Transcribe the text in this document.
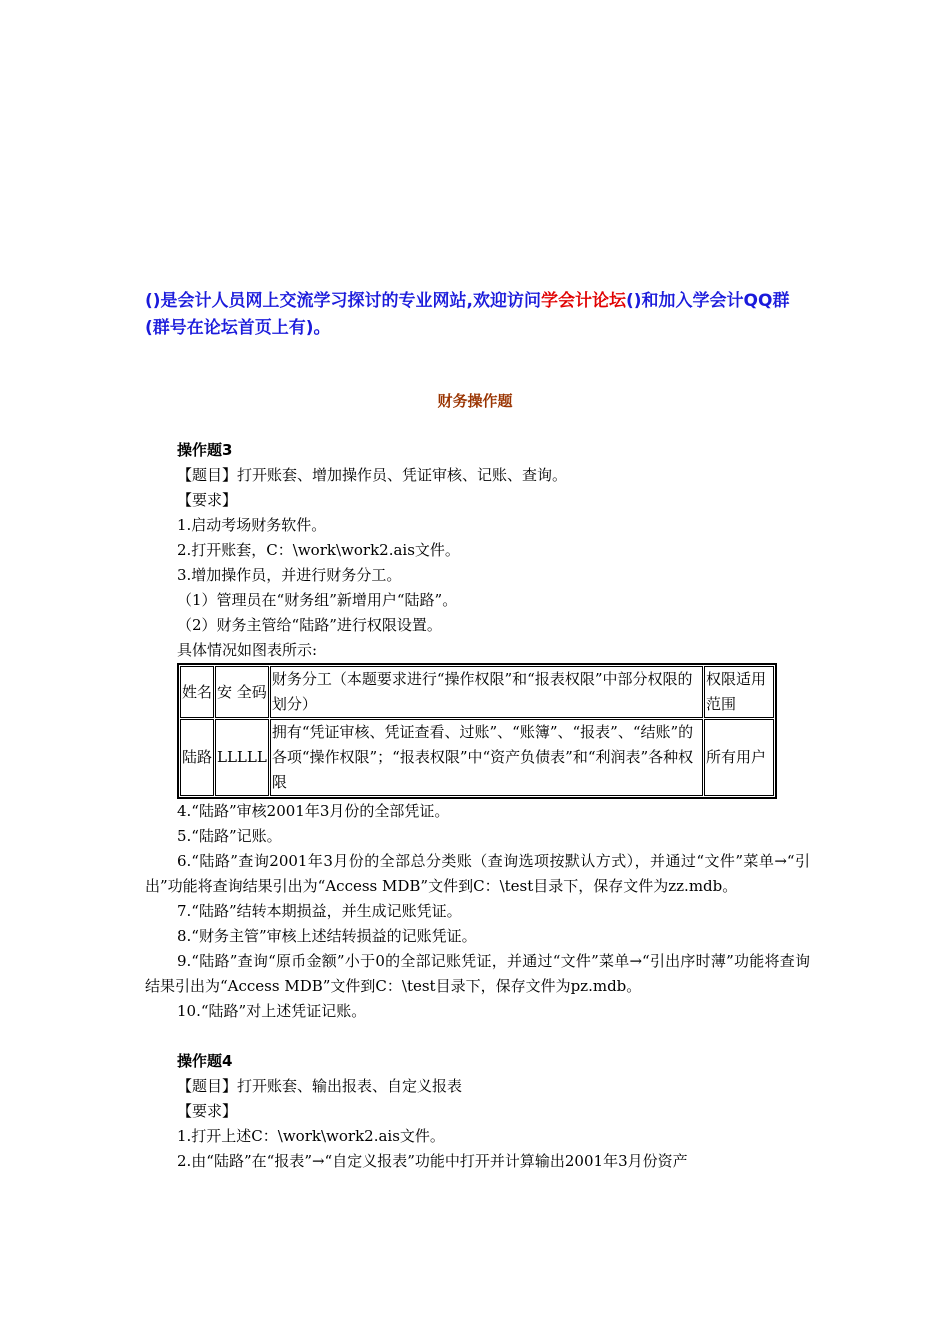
()是会计人员网上交流学习探讨的专业网站,欢迎访问学会计论坛()和加入学会计QQ群(群号在论坛首页上有)。
财务操作题
操作题3
【题目】打开账套、增加操作员、凭证审核、记账、查询。
【要求】
1.启动考场财务软件。
2.打开账套，C：\work\work2.ais文件。
3.增加操作员，并进行财务分工。
（1）管理员在“财务组”新增用户“陆路”。
（2）财务主管给“陆路”进行权限设置。
具体情况如图表所示:
姓名	安 全码	财务分工（本题要求进行“操作权限”和“报表权限”中部分权限的划分）	权限适用范围
陆路	LLLLL	拥有“凭证审核、凭证查看、过账”、“账簿”、“报表”、“结账”的各项“操作权限”；“报表权限”中“资产负债表”和“利润表”各种权限	所有用户
4.“陆路”审核2001年3月份的全部凭证。
5.“陆路”记账。
6.“陆路”查询2001年3月份的全部总分类账（查询选项按默认方式），并通过“文件”菜单→“引出”功能将查询结果引出为“Access MDB”文件到C：\test目录下，保存文件为zz.mdb。
7.“陆路”结转本期损益，并生成记账凭证。
8.“财务主管”审核上述结转损益的记账凭证。
9.“陆路”查询“原币金额”小于0的全部记账凭证，并通过“文件”菜单→“引出序时薄”功能将查询结果引出为“Access MDB”文件到C：\test目录下，保存文件为pz.mdb。
10.“陆路”对上述凭证记账。
操作题4
【题目】打开账套、输出报表、自定义报表
【要求】
1.打开上述C：\work\work2.ais文件。
2.由“陆路”在“报表”→“自定义报表”功能中打开并计算输出2001年3月份资产
